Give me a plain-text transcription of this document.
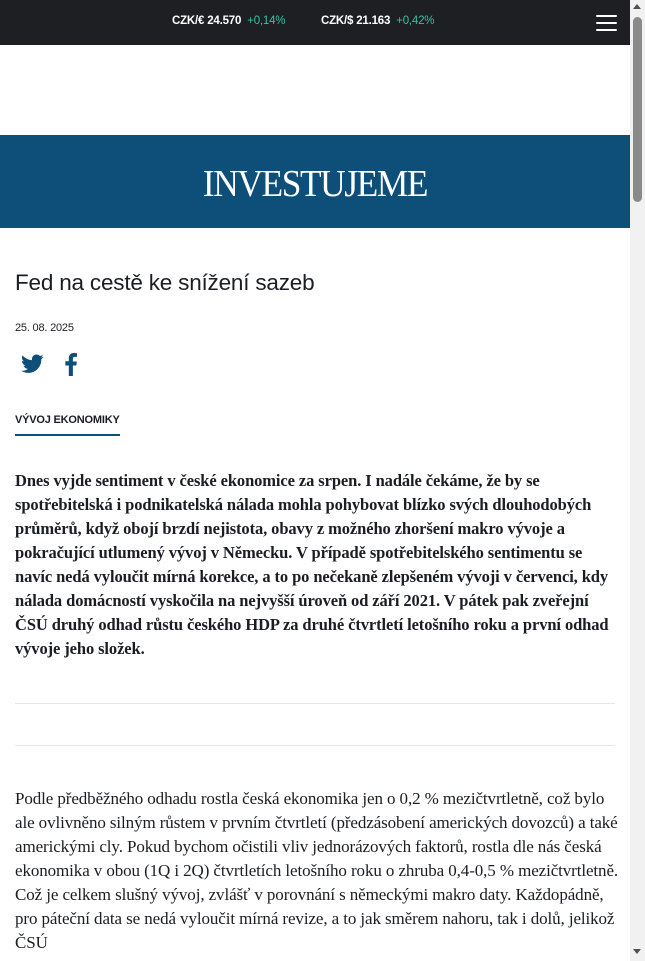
CZK/€ 24.570 +0,14%	CZK/$ 21.163 +0,42%
INVESTUJEME
Fed na cestě ke snížení sazeb
25. 08. 2025
VÝVOJ EKONOMIKY

Dnes vyjde sentiment v české ekonomice za srpen. I nadále čekáme, že by se spotřebitelská i podnikatelská nálada mohla pohybovat blízko svých dlouhodobých průměrů, když obojí brzdí nejistota, obavy z možného zhoršení makro vývoje a pokračující utlumený vývoj v Německu. V případě spotřebitelského sentimentu se navíc nedá vyloučit mírná korekce, a to po nečekaně zlepšeném vývoji v červenci, kdy nálada domácností vyskočila na nejvyšší úroveň od září 2021. V pátek pak zveřejní ČSÚ druhý odhad růstu českého HDP za druhé čtvrtletí letošního roku a první odhad vývoje jeho složek.

Podle předběžného odhadu rostla česká ekonomika jen o 0,2 % mezičtvrtletně, což bylo ale ovlivněno silným růstem v prvním čtvrtletí (předzásobení amerických dovozců) a také americkými cly. Pokud bychom očistili vliv jednorázových faktorů, rostla dle nás česká ekonomika v obou (1Q i 2Q) čtvrtletích letošního roku o zhruba 0,4-0,5 % mezičtvrtletně. Což je celkem slušný vývoj, zvlášť v porovnání s německými makro daty. Každopádně, pro páteční data se nedá vyloučit mírná revize, a to jak směrem nahoru, tak i dolů, jelikož ČSÚ
